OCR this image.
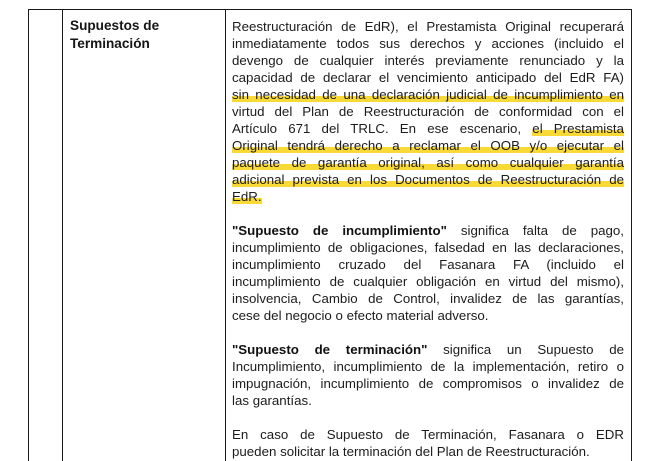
Supuestos de Terminación
Reestructuración de EdR), el Prestamista Original recuperará
inmediatamente todos sus derechos y acciones (incluido el
devengo de cualquier interés previamente renunciado y la
capacidad de declarar el vencimiento anticipado del EdR FA)
sin necesidad de una declaración judicial de incumplimiento en
virtud del Plan de Reestructuración de conformidad con el
Artículo 671 del TRLC. En ese escenario, el Prestamista
Original tendrá derecho a reclamar el OOB y/o ejecutar el
paquete de garantía original, así como cualquier garantía
adicional prevista en los Documentos de Reestructuración de
EdR.
"Supuesto de incumplimiento" significa falta de pago,
incumplimiento de obligaciones, falsedad en las declaraciones,
incumplimiento cruzado del Fasanara FA (incluido el
incumplimiento de cualquier obligación en virtud del mismo),
insolvencia, Cambio de Control, invalidez de las garantías,
cese del negocio o efecto material adverso.
"Supuesto de terminación" significa un Supuesto de
Incumplimiento, incumplimiento de la implementación, retiro o
impugnación, incumplimiento de compromisos o invalidez de
las garantías.
En caso de Supuesto de Terminación, Fasanara o EDR
pueden solicitar la terminación del Plan de Reestructuración.
